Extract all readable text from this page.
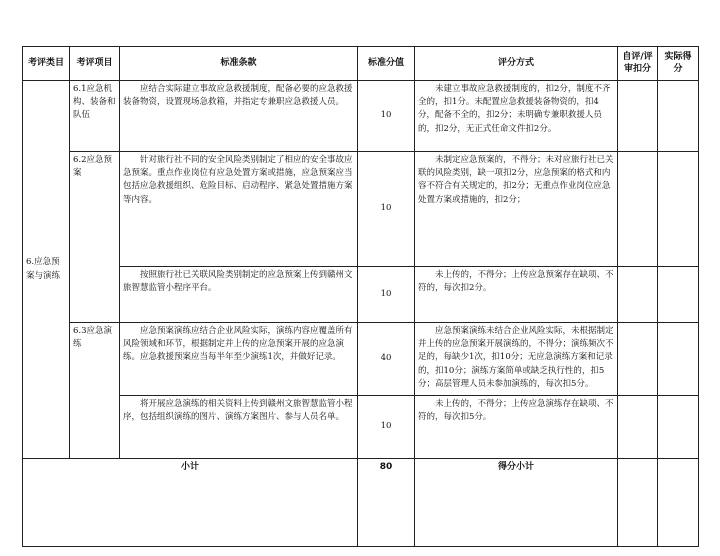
考评类目	考评项目	标准条款	标准分值	评分方式	自评/评审扣分	实际得分
6.应急预案与演练	6.1应急机构、装备和队伍	应结合实际建立事故应急救援制度，配备必要的应急救援装备物资，设置现场急救箱，并指定专兼职应急救援人员。	10	未建立事故应急救援制度的，扣2分，制度不齐全的，扣1分。未配置应急救援装备物资的，扣4分，配备不全的，扣2分；未明确专兼职救援人员的，扣2分，无正式任命文件扣2分。		
	6.2应急预案	针对旅行社不同的安全风险类别制定了相应的安全事故应急预案。重点作业岗位有应急处置方案或措施，应急预案应当包括应急救援组织、危险目标、启动程序、紧急处置措施方案等内容。	10	未制定应急预案的，不得分；未对应旅行社已关联的风险类别，缺一项扣2分，应急预案的格式和内容不符合有关规定的，扣2分；无重点作业岗位应急处置方案或措施的，扣2分；		
		按照旅行社已关联风险类别制定的应急预案上传到赣州文旅智慧监管小程序平台。	10	未上传的，不得分；上传应急预案存在缺项、不符的，每次扣2分。		
	6.3应急演练	应急预案演练应结合企业风险实际，演练内容应覆盖所有风险领域和环节，根据制定并上传的应急预案开展的应急演练。应急救援预案应当每半年至少演练1次，并做好记录。	40	应急预案演练未结合企业风险实际，未根据制定并上传的应急预案开展演练的，不得分；演练频次不足的，每缺少1次，扣10分；无应急演练方案和记录的，扣10分；演练方案简单或缺乏执行性的，扣5分；高层管理人员未参加演练的，每次扣5分。		
		将开展应急演练的相关资料上传到赣州文旅智慧监管小程序，包括组织演练的图片、演练方案图片、参与人员名单。	10	未上传的，不得分；上传应急演练存在缺项、不符的，每次扣5分。		
小计			80	得分小计		
